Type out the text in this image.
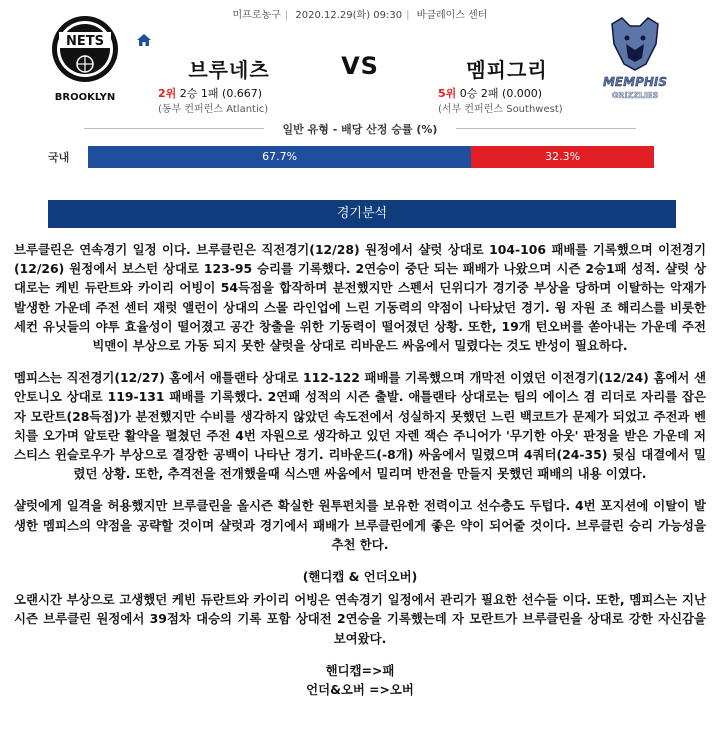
미프로농구 | 2020.12.29(화) 09:30 | 바클레이스 센터
NETS
BROOKLYN
브루네츠	VS	멤피그리
2위 2승 1패 (0.667)
(동부 컨퍼런스 Atlantic)
5위 0승 2패 (0.000)
(서부 컨퍼런스 Southwest)
MEMPHIS
GRIZZLIES
일반 유형 - 배당 산정 승률 (%)
국내	67.7%	32.3%
경기분석

브루클린은 연속경기 일정 이다. 브루클린은 직전경기(12/28) 원정에서 샬럿 상대로 104-106 패배를 기록했으며 이전경기(12/26) 원정에서 보스턴 상대로 123-95 승리를 기록했다. 2연승이 중단 되는 패배가 나왔으며 시즌 2승1패 성적. 샬럿 상대로는 케빈 듀란트와 카이리 어빙이 54득점을 합작하며 분전했지만 스펜서 딘위디가 경기중 부상을 당하며 이탈하는 악재가 발생한 가운데 주전 센터 재럿 앨런이 상대의 스몰 라인업에 느린 기동력의 약점이 나타났던 경기. 윙 자원 조 해리스를 비롯한 세컨 유닛들의 야투 효율성이 떨어졌고 공간 창출을 위한 기동력이 떨어졌던 상황. 또한, 19개 턴오버를 쏟아내는 가운데 주전 빅맨이 부상으로 가동 되지 못한 샬럿을 상대로 리바운드 싸움에서 밀렸다는 것도 반성이 필요하다.

멤피스는 직전경기(12/27) 홈에서 애틀랜타 상대로 112-122 패배를 기록했으며 개막전 이였던 이전경기(12/24) 홈에서 샌안토니오 상대로 119-131 패배를 기록했다. 2연패 성적의 시즌 출발. 애틀랜타 상대로는 팀의 에이스 겸 리더로 자리를 잡은 자 모란트(28득점)가 분전했지만 수비를 생각하지 않았던 속도전에서 성실하지 못했던 느린 백코트가 문제가 되었고 주전과 벤치를 오가며 알토란 활약을 펼쳤던 주전 4번 자원으로 생각하고 있던 자렌 잭슨 주니어가 '무기한 아웃' 판정을 받은 가운데 저스티스 윈슬로우가 부상으로 결장한 공백이 나타난 경기. 리바운드(-8개) 싸움에서 밀렸으며 4쿼터(24-35) 뒷심 대결에서 밀렸던 상황. 또한, 추격전을 전개했을때 식스맨 싸움에서 밀리며 반전을 만들지 못했던 패배의 내용 이였다.

샬럿에게 일격을 허용했지만 브루클린을 올시즌 확실한 원투펀치를 보유한 전력이고 선수층도 두텁다. 4번 포지션에 이탈이 발생한 멤피스의 약점을 공략할 것이며 샬럿과 경기에서 패배가 브루클린에게 좋은 약이 되어줄 것이다. 브루클린 승리 가능성을 추천 한다.

(핸디캡 & 언더오버)

오랜시간 부상으로 고생했던 케빈 듀란트와 카이리 어빙은 연속경기 일정에서 관리가 필요한 선수들 이다. 또한, 멤피스는 지난시즌 브루클린 원정에서 39점차 대승의 기록 포함 상대전 2연승을 기록했는데 자 모란트가 브루클린을 상대로 강한 자신감을 보여왔다.

핸디캡=>패

언더&오버 =>오버
